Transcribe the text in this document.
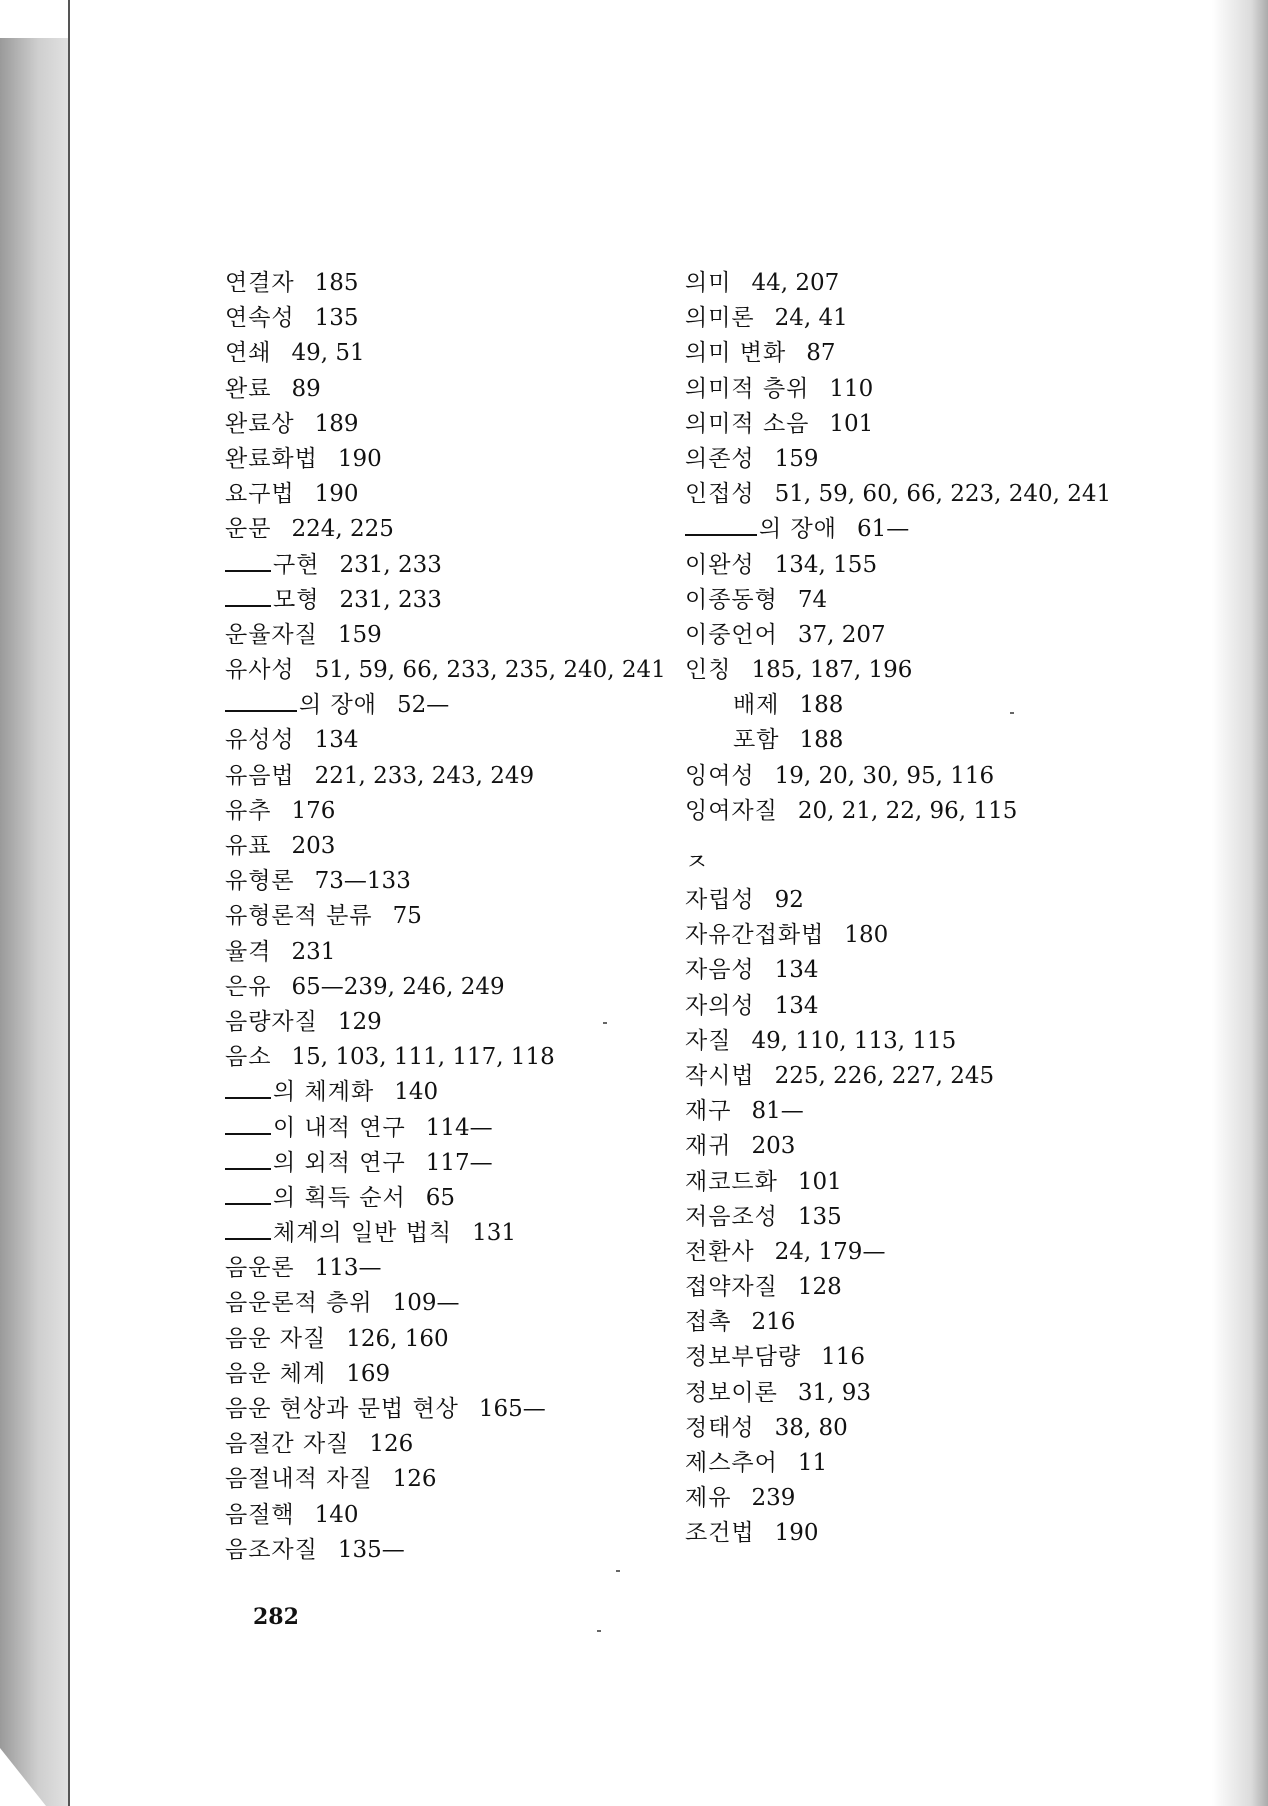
연결자 185
연속성 135
연쇄 49, 51
완료 89
완료상 189
완료화법 190
요구법 190
운문 224, 225
구현 231, 233
모형 231, 233
운율자질 159
유사성 51, 59, 66, 233, 235, 240, 241
의 장애 52—
유성성 134
유음법 221, 233, 243, 249
유추 176
유표 203
유형론 73—133
유형론적 분류 75
율격 231
은유 65—239, 246, 249
음량자질 129
음소 15, 103, 111, 117, 118
의 체계화 140
이 내적 연구 114—
의 외적 연구 117—
의 획득 순서 65
체계의 일반 법칙 131
음운론 113—
음운론적 층위 109—
음운 자질 126, 160
음운 체계 169
음운 현상과 문법 현상 165—
음절간 자질 126
음절내적 자질 126
음절핵 140
음조자질 135—
의미 44, 207
의미론 24, 41
의미 변화 87
의미적 층위 110
의미적 소음 101
의존성 159
인접성 51, 59, 60, 66, 223, 240, 241
의 장애 61—
이완성 134, 155
이종동형 74
이중언어 37, 207
인칭 185, 187, 196
배제 188
포함 188
잉여성 19, 20, 30, 95, 116
잉여자질 20, 21, 22, 96, 115
ㅈ
자립성 92
자유간접화법 180
자음성 134
자의성 134
자질 49, 110, 113, 115
작시법 225, 226, 227, 245
재구 81—
재귀 203
재코드화 101
저음조성 135
전환사 24, 179—
접약자질 128
접촉 216
정보부담량 116
정보이론 31, 93
정태성 38, 80
제스추어 11
제유 239
조건법 190
282
